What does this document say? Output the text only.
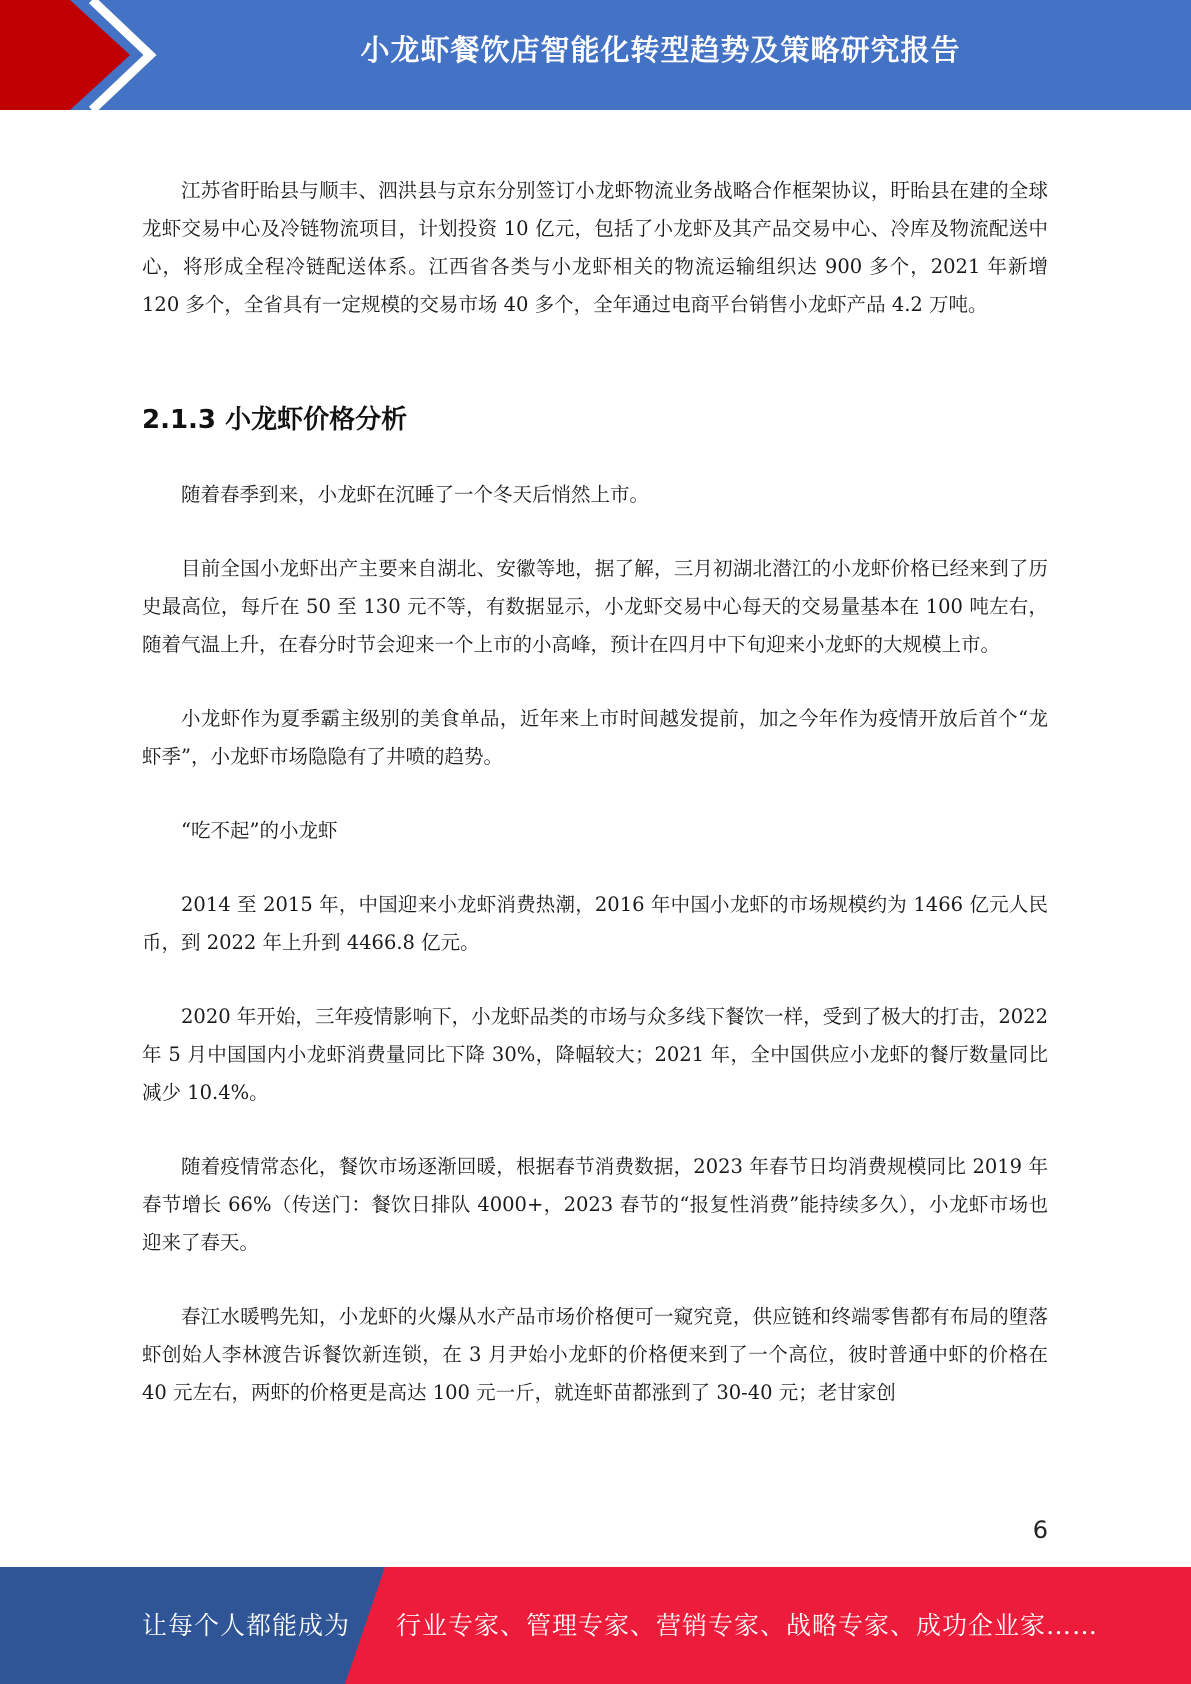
小龙虾餐饮店智能化转型趋势及策略研究报告

江苏省盱眙县与顺丰、泗洪县与京东分别签订小龙虾物流业务战略合作框架协议，盱眙县在建的全球龙虾交易中心及冷链物流项目，计划投资 10 亿元，包括了小龙虾及其产品交易中心、冷库及物流配送中心，将形成全程冷链配送体系。江西省各类与小龙虾相关的物流运输组织达 900 多个，2021 年新增 120 多个，全省具有一定规模的交易市场 40 多个，全年通过电商平台销售小龙虾产品 4.2 万吨。

2.1.3 小龙虾价格分析

随着春季到来，小龙虾在沉睡了一个冬天后悄然上市。

目前全国小龙虾出产主要来自湖北、安徽等地，据了解，三月初湖北潜江的小龙虾价格已经来到了历史最高位，每斤在 50 至 130 元不等，有数据显示，小龙虾交易中心每天的交易量基本在 100 吨左右，随着气温上升，在春分时节会迎来一个上市的小高峰，预计在四月中下旬迎来小龙虾的大规模上市。

小龙虾作为夏季霸主级别的美食单品，近年来上市时间越发提前，加之今年作为疫情开放后首个“龙虾季”，小龙虾市场隐隐有了井喷的趋势。

“吃不起”的小龙虾

2014 至 2015 年，中国迎来小龙虾消费热潮，2016 年中国小龙虾的市场规模约为 1466 亿元人民币，到 2022 年上升到 4466.8 亿元。

2020 年开始，三年疫情影响下，小龙虾品类的市场与众多线下餐饮一样，受到了极大的打击，2022 年 5 月中国国内小龙虾消费量同比下降 30%，降幅较大；2021 年，全中国供应小龙虾的餐厅数量同比减少 10.4%。

随着疫情常态化，餐饮市场逐渐回暖，根据春节消费数据，2023 年春节日均消费规模同比 2019 年春节增长 66%（传送门：餐饮日排队 4000+，2023 春节的“报复性消费”能持续多久），小龙虾市场也迎来了春天。

春江水暖鸭先知，小龙虾的火爆从水产品市场价格便可一窥究竟，供应链和终端零售都有布局的堕落虾创始人李林渡告诉餐饮新连锁，在 3 月尹始小龙虾的价格便来到了一个高位，彼时普通中虾的价格在 40 元左右，两虾的价格更是高达 100 元一斤，就连虾苗都涨到了 30-40 元；老甘家创

6
让每个人都能成为 行业专家、管理专家、营销专家、战略专家、成功企业家……
